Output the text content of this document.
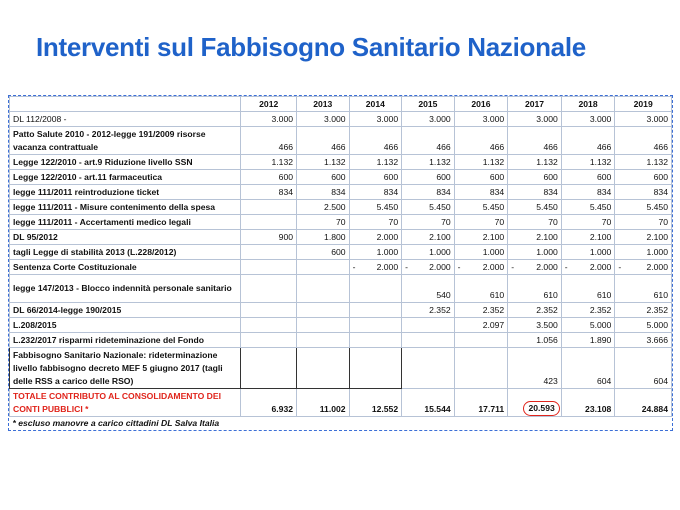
Interventi sul Fabbisogno Sanitario Nazionale
	2012	2013	2014	2015	2016	2017	2018	2019
DL 112/2008 -	3.000	3.000	3.000	3.000	3.000	3.000	3.000	3.000
Patto Salute 2010 - 2012-legge 191/2009 risorse vacanza contrattuale	466	466	466	466	466	466	466	466
Legge 122/2010 - art.9 Riduzione livello SSN	1.132	1.132	1.132	1.132	1.132	1.132	1.132	1.132
Legge 122/2010 - art.11 farmaceutica	600	600	600	600	600	600	600	600
legge 111/2011 reintroduzione ticket	834	834	834	834	834	834	834	834
legge 111/2011 - Misure contenimento della spesa		2.500	5.450	5.450	5.450	5.450	5.450	5.450
legge 111/2011 - Accertamenti medico legali		70	70	70	70	70	70	70
DL 95/2012	900	1.800	2.000	2.100	2.100	2.100	2.100	2.100
tagli Legge di stabilità 2013 (L.228/2012)		600	1.000	1.000	1.000	1.000	1.000	1.000
Sentenza Corte Costituzionale			- 2.000	- 2.000	- 2.000	- 2.000	- 2.000	- 2.000

legge 147/2013 - Blocco indennità personale sanitario				540	610	610	610	610
DL 66/2014-legge 190/2015				2.352	2.352	2.352	2.352	2.352
L.208/2015					2.097	3.500	5.000	5.000
L.232/2017 risparmi rideteminazione del Fondo						1.056	1.890	3.666
Fabbisogno Sanitario Nazionale: rideterminazione livello fabbisogno decreto MEF 5 giugno 2017 (tagli delle RSS a carico delle RSO)						423	604	604
TOTALE CONTRIBUTO AL CONSOLIDAMENTO DEI CONTI PUBBLICI *	6.932	11.002	12.552	15.544	17.711	20.593	23.108	24.884
* escluso manovre a carico cittadini DL Salva Italia								
